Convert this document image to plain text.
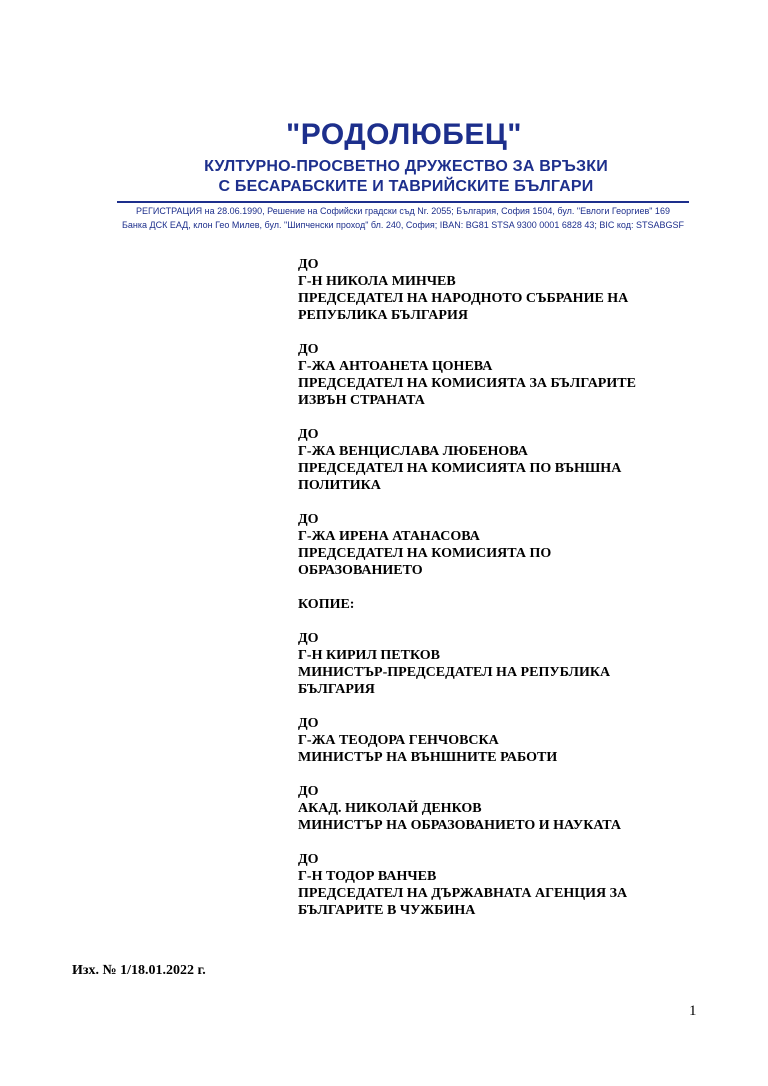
"РОДОЛЮБЕЦ"
КУЛТУРНО-ПРОСВЕТНО ДРУЖЕСТВО ЗА ВРЪЗКИ
С БЕСАРАБСКИТЕ И ТАВРИЙСКИТЕ БЪЛГАРИ
РЕГИСТРАЦИЯ на 28.06.1990, Решение на Софийски градски съд Nr. 2055; България, София 1504, бул. "Евлоги Георгиев" 169
Банка ДСК ЕАД, клон Гео Милев, бул. "Шипченски проход" бл. 240, София; IBAN: BG81 STSA 9300 0001 6828 43; BIC код: STSABGSF
ДО
Г-Н НИКОЛА МИНЧЕВ
ПРЕДСЕДАТЕЛ НА НАРОДНОТО СЪБРАНИЕ НА
РЕПУБЛИКА БЪЛГАРИЯ
ДО
Г-ЖА АНТОАНЕТА ЦОНЕВА
ПРЕДСЕДАТЕЛ НА КОМИСИЯТА ЗА БЪЛГАРИТЕ
ИЗВЪН СТРАНАТА
ДО
Г-ЖА ВЕНЦИСЛАВА ЛЮБЕНОВА
ПРЕДСЕДАТЕЛ НА КОМИСИЯТА ПО ВЪНШНА
ПОЛИТИКА
ДО
Г-ЖА ИРЕНА АТАНАСОВА
ПРЕДСЕДАТЕЛ НА КОМИСИЯТА ПО
ОБРАЗОВАНИЕТО
КОПИЕ:
ДО
Г-Н КИРИЛ ПЕТКОВ
МИНИСТЪР-ПРЕДСЕДАТЕЛ НА РЕПУБЛИКА
БЪЛГАРИЯ
ДО
Г-ЖА ТЕОДОРА ГЕНЧОВСКА
МИНИСТЪР НА ВЪНШНИТЕ РАБОТИ
ДО
АКАД. НИКОЛАЙ ДЕНКОВ
МИНИСТЪР НА ОБРАЗОВАНИЕТО И НАУКАТА
ДО
Г-Н ТОДОР ВАНЧЕВ
ПРЕДСЕДАТЕЛ НА ДЪРЖАВНАТА АГЕНЦИЯ ЗА
БЪЛГАРИТЕ В ЧУЖБИНА
Изх. № 1/18.01.2022 г.
1
